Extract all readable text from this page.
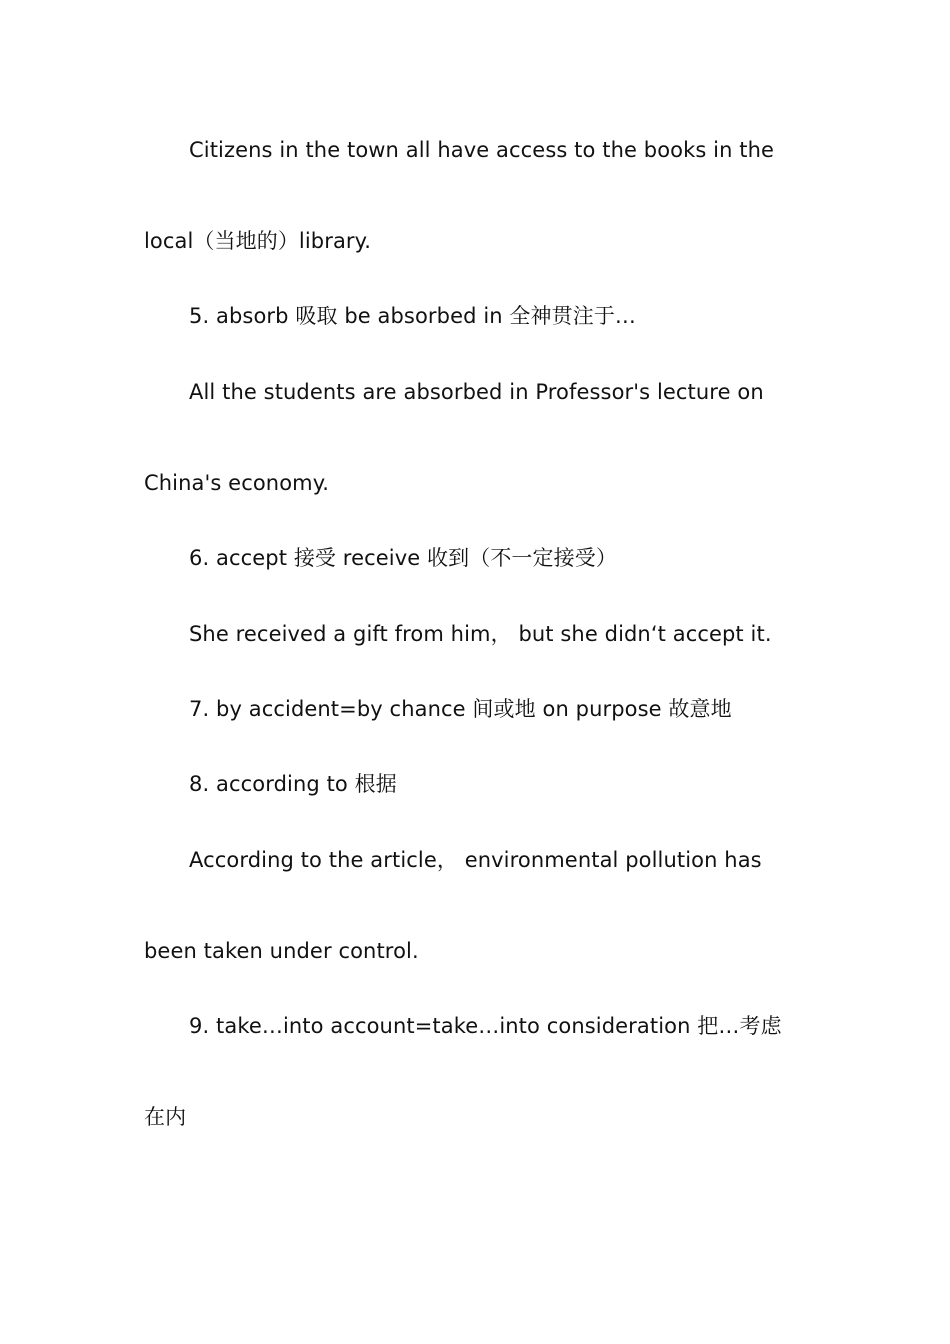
Citizens in the town all have access to the books in the
local（当地的）library.
5. absorb 吸取 be absorbed in 全神贯注于…
All the students are absorbed in Professor's lecture on
China's economy.
6. accept 接受 receive 收到（不一定接受）
She received a gift from him， but she didn‘t accept it.
7. by accident=by chance 间或地 on purpose 故意地
8. according to 根据
According to the article， environmental pollution has
been taken under control.
9. take…into account=take…into consideration 把…考虑
在内
